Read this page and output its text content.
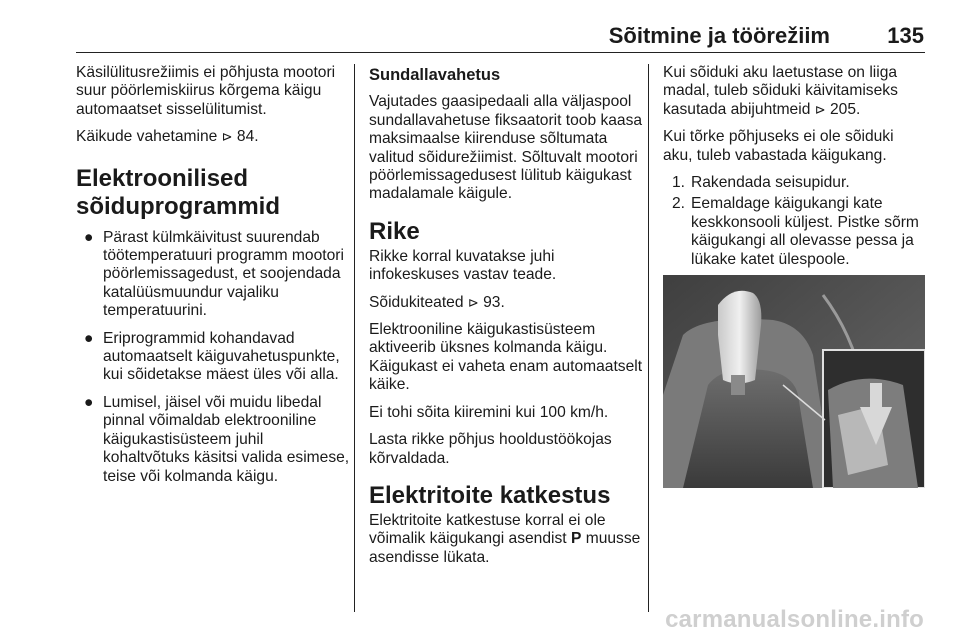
Sõitmine ja töörežiim	135

Käsilülitusrežiimis ei põhjusta mootori suur pöörlemiskiirus kõrgema käigu automaatset sisselülitumist.

Käikude vahetamine ⊳ 84.

Elektroonilised sõiduprogrammid
● Pärast külmkäivitust suurendab töötemperatuuri programm mootori pöörlemissagedust, et soojendada katalüüsmuundur vajaliku temperatuurini.
● Eriprogrammid kohandavad automaatselt käiguvahetuspunkte, kui sõidetakse mäest üles või alla.
● Lumisel, jäisel või muidu libedal pinnal võimaldab elektrooniline käigukastisüsteem juhil kohaltvõtuks käsitsi valida esimese, teise või kolmanda käigu.
Sundallavahetus

Vajutades gaasipedaali alla väljaspool sundallavahetuse fiksaatorit toob kaasa maksimaalse kiirenduse sõltumata valitud sõidurežiimist. Sõltuvalt mootori pöörlemissagedusest lülitub käigukast madalamale käigule.

Rike

Rikke korral kuvatakse juhi infokeskuses vastav teade.

Sõidukiteated ⊳ 93.

Elektrooniline käigukastisüsteem aktiveerib üksnes kolmanda käigu. Käigukast ei vaheta enam automaatselt käike.

Ei tohi sõita kiiremini kui 100 km/h.

Lasta rikke põhjus hooldustöökojas kõrvaldada.

Elektritoite katkestus

Elektritoite katkestuse korral ei ole võimalik käigukangi asendist P muusse asendisse lükata.

Kui sõiduki aku laetustase on liiga madal, tuleb sõiduki käivitamiseks kasutada abijuhtmeid ⊳ 205.

Kui tõrke põhjuseks ei ole sõiduki aku, tuleb vabastada käigukang.

1. Rakendada seisupidur.
2. Eemaldage käigukangi kate keskkonsooli küljest. Pistke sõrm käigukangi all olevasse pessa ja lükake katet ülespoole.
carmanualsonline.info
